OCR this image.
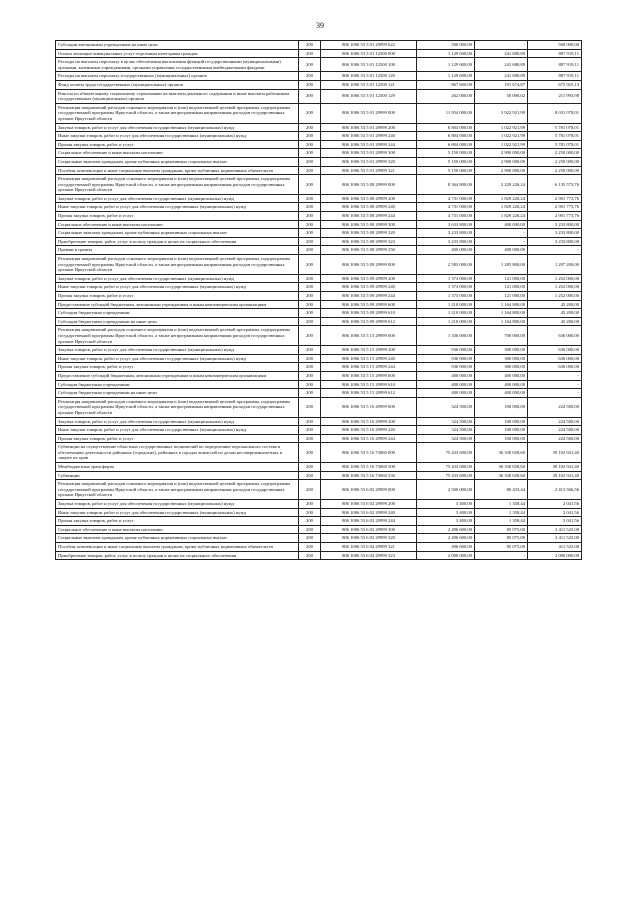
39
Субсидии автономным учреждениям на иные цели	200	806 1006 53 3 01 29999 622	500 000,00	-	500 000,00
Оплата жилищно-коммунальных услуг отдельным категориям граждан	200	806 1006 53 3 01 12500 000	1 129 600,00	241 680,89	887 919,11
Расходы на выплаты персоналу в целях обеспечения выполнения функций государственными (муниципальными) органами, казенными учреждениями, органами управления государственными внебюджетными фондами	200	806 1006 53 3 01 12500 100	1 129 600,00	241 680,89	887 919,11
Расходы на выплаты персоналу государственных (муниципальных) органов	200	806 1006 53 3 01 12500 120	1 129 600,00	241 680,89	887 919,11
Фонд оплаты труда государственных (муниципальных) органов	200	806 1006 53 3 01 12500 121	867 600,00	191 674,87	675 925,13
Взносы по обязательному социальному страхованию на выплаты денежного содержания и иные выплаты работникам государственных (муниципальных) органов	200	806 1006 53 3 01 12500 129	262 000,00	50 006,02	211 993,98
Реализация направлений расходов основного мероприятия и (или) ведомственной целевой программы, подпрограммы государственной программы Иркутской области, а также непрограммным направлениям расходов государственных органов Иркутской области	200	806 1006 53 5 01 29999 000	11 954 000,00	3 922 921,99	8 031 078,01
Закупка товаров, работ и услуг для обеспечения государственных (муниципальных) нужд	200	806 1006 53 5 01 29999 200	6 804 000,00	1 022 921,99	5 781 078,01
Иные закупки товаров, работ и услуг для обеспечения государственных (муниципальных) нужд	200	806 1006 53 5 01 29999 240	6 804 000,00	1 022 921,99	5 781 078,01
Прочая закупка товаров, работ и услуг	200	806 1006 53 5 01 29999 244	6 804 000,00	1 022 921,99	5 781 078,01
Социальное обеспечение и иные выплаты населению	200	806 1006 53 5 01 29999 300	5 150 000,00	2 900 000,00	2 250 000,00
Социальные выплаты гражданам, кроме публичных нормативных социальных выплат	200	806 1006 53 5 01 29999 320	5 150 000,00	2 900 000,00	2 250 000,00
Пособия, компенсации и иные социальные выплаты гражданам, кроме публичных нормативных обязательств	200	806 1006 53 5 01 29999 321	5 150 000,00	2 900 000,00	2 250 000,00
Реализация направлений расходов основного мероприятия и (или) ведомственной целевой программы, подпрограммы государственной программы Иркутской области, а также непрограммным направлениям расходов государственных органов Иркутской области	200	806 1006 53 5 08 29999 000	8 364 800,00	2 229 226,24	6 135 573,76
Закупка товаров, работ и услуг для обеспечения государственных (муниципальных) нужд	200	806 1006 53 5 08 29999 200	4 731 000,00	1 829 226,24	2 901 773,76
Иные закупки товаров, работ и услуг для обеспечения государственных (муниципальных) нужд	200	806 1006 53 5 08 29999 240	4 731 000,00	1 829 226,24	2 901 773,76
Прочая закупка товаров, работ и услуг	200	806 1006 53 5 08 29999 244	4 731 000,00	1 829 226,24	2 901 773,76
Социальное обеспечение и иные выплаты населению	200	806 1006 53 5 08 29999 300	3 633 800,00	400 000,00	3 233 800,00
Социальные выплаты гражданам, кроме публичных нормативных социальных выплат	200	806 1006 53 5 08 29999 320	3 233 800,00	-	3 233 800,00
Приобретение товаров, работ, услуг в пользу граждан в целях их социального обеспечения	200	806 1006 53 5 08 29999 323	3 233 800,00	-	3 233 800,00
Премии и гранты	200	806 1006 53 5 08 29999 350	400 000,00	400 000,00	-
Реализация направлений расходов основного мероприятия и (или) ведомственной целевой программы, подпрограммы государственной программы Иркутской области, а также непрограммным направлениям расходов государственных органов Иркутской области	200	806 1006 53 5 09 29999 000	2 583 000,00	1 285 800,00	1 297 200,00
Закупка товаров, работ и услуг для обеспечения государственных (муниципальных) нужд	200	806 1006 53 5 09 29999 200	1 373 000,00	121 000,00	1 252 000,00
Иные закупки товаров, работ и услуг для обеспечения государственных (муниципальных) нужд	200	806 1006 53 5 09 29999 240	1 373 000,00	121 000,00	1 252 000,00
Прочая закупка товаров, работ и услуг	200	806 1006 53 5 09 29999 244	1 373 000,00	121 000,00	1 252 000,00
Предоставление субсидий бюджетным, автономным учреждениям и иным некоммерческим организациям	200	806 1006 53 5 09 29999 600	1 210 000,00	1 164 800,00	45 200,00
Субсидии бюджетным учреждениям	200	806 1006 53 5 09 29999 610	1 210 000,00	1 164 800,00	45 200,00
Субсидии бюджетным учреждениям на иные цели	200	806 1006 53 5 09 29999 612	1 210 000,00	1 164 800,00	45 200,00
Реализация направлений расходов основного мероприятия и (или) ведомственной целевой программы, подпрограммы государственной программы Иркутской области, а также непрограммным направлениям расходов государственных органов Иркутской области	200	806 1006 53 5 15 29999 000	1 336 000,00	700 000,00	636 000,00
Закупка товаров, работ и услуг для обеспечения государственных (муниципальных) нужд	200	806 1006 53 5 15 29999 200	936 000,00	300 000,00	636 000,00
Иные закупки товаров, работ и услуг для обеспечения государственных (муниципальных) нужд	200	806 1006 53 5 15 29999 240	936 000,00	300 000,00	636 000,00
Прочая закупка товаров, работ и услуг	200	806 1006 53 5 15 29999 244	936 000,00	300 000,00	636 000,00
Предоставление субсидий бюджетным, автономным учреждениям и иным некоммерческим организациям	200	806 1006 53 5 15 29999 600	400 000,00	400 000,00	-
Субсидии бюджетным учреждениям	200	806 1006 53 5 15 29999 610	400 000,00	400 000,00	-
Субсидии бюджетным учреждениям на иные цели	200	806 1006 53 5 15 29999 612	400 000,00	400 000,00	-
Реализация направлений расходов основного мероприятия и (или) ведомственной целевой программы, подпрограммы государственной программы Иркутской области, а также непрограммным направлениям расходов государственных органов Иркутской области	200	806 1006 53 5 16 29999 000	324 500,00	100 000,00	224 500,00
Закупка товаров, работ и услуг для обеспечения государственных (муниципальных) нужд	200	806 1006 53 5 16 29999 200	324 500,00	100 000,00	224 500,00
Иные закупки товаров, работ и услуг для обеспечения государственных (муниципальных) нужд	200	806 1006 53 5 16 29999 240	324 500,00	100 000,00	224 500,00
Прочая закупка товаров, работ и услуг	200	806 1006 53 5 16 29999 244	324 500,00	100 000,00	224 500,00
Субвенции на осуществление областных государственных полномочий по определению персонального состава и обеспечению деятельности районных (городских), районных в городах комиссий по делам несовершеннолетних и защите их прав	200	806 1006 53 5 16 73060 000	75 433 600,00	36 330 658,60	39 102 941,40
Межбюджетные трансферты	200	806 1006 53 5 16 73060 500	75 433 600,00	36 330 658,60	39 102 941,40
Субвенции	200	806 1006 53 5 16 73060 530	75 433 600,00	36 330 658,60	39 102 941,40
Реализация направлений расходов основного мероприятия и (или) ведомственной целевой программы, подпрограммы государственной программы Иркутской области, а также непрограммным направлениям расходов государственных органов Иркутской области	200	806 1006 53 6 02 29999 000	2 500 000,00	86 433,44	2 413 566,56
Закупка товаров, работ и услуг для обеспечения государственных (муниципальных) нужд	200	806 1006 53 6 02 29999 200	3 400,00	1 358,44	2 041,56
Иные закупки товаров, работ и услуг для обеспечения государственных (муниципальных) нужд	200	806 1006 53 6 02 29999 240	3 400,00	1 358,44	2 041,56
Прочая закупка товаров, работ и услуг	200	806 1006 53 6 02 29999 244	3 400,00	1 358,44	2 041,56
Социальное обеспечение и иные выплаты населению	200	806 1006 53 6 02 29999 300	2 496 600,00	85 075,00	2 411 525,00
Социальные выплаты гражданам, кроме публичных нормативных социальных выплат	200	806 1006 53 6 02 29999 320	2 496 600,00	85 075,00	2 411 525,00
Пособия, компенсации и иные социальные выплаты гражданам, кроме публичных нормативных обязательств	200	806 1006 53 6 02 29999 321	496 600,00	85 075,00	411 525,00
Приобретение товаров, работ, услуг в пользу граждан в целях их социального обеспечения	200	806 1006 53 6 02 29999 323	2 000 000,00	-	2 000 000,00
